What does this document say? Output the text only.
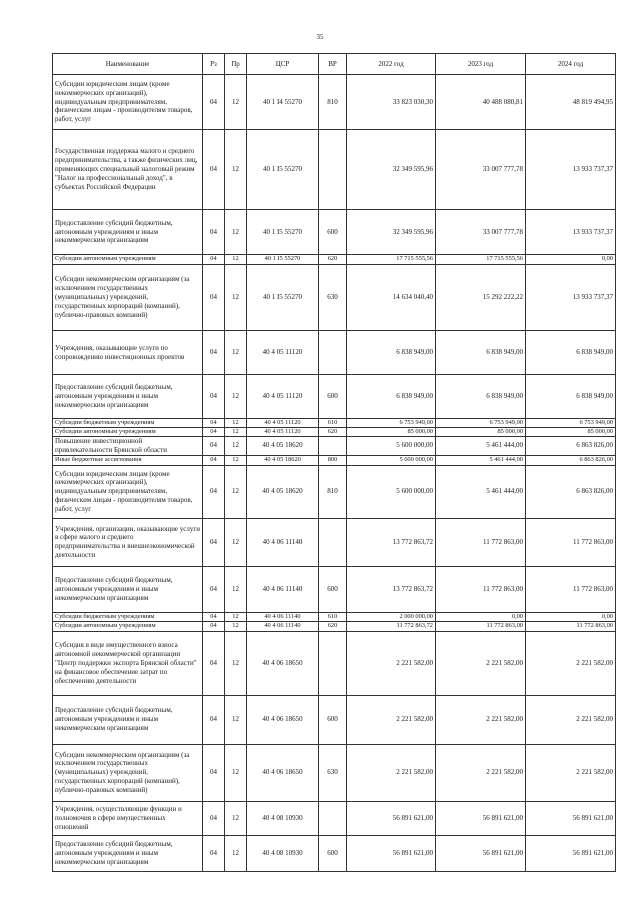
35
Наименование	Рз	Пр	ЦСР	ВР	2022 год	2023 год	2024 год
Субсидии юридическим лицам (кроме некоммерческих организаций), индивидуальным предпринимателям, физическим лицам - производителям товаров, работ, услуг	04	12	40 1 I4 55270	810	33 823 030,30	40 488 080,81	48 819 494,95
Государственная поддержка малого и среднего предпринимательства, а также физических лиц, применяющих специальный налоговый режим "Налог на профессиональный доход", в субъектах Российской Федерации	04	12	40 1 I5 55270		32 349 595,96	33 007 777,78	13 933 737,37
Предоставление субсидий бюджетным, автономным учреждениям и иным некоммерческим организациям	04	12	40 1 I5 55270	600	32 349 595,96	33 007 777,78	13 933 737,37
Субсидии автономным учреждениям	04	12	40 1 I5 55270	620	17 715 555,56	17 715 555,56	0,00
Субсидии некоммерческим организациям (за исключением государственных (муниципальных) учреждений, государственных корпораций (компаний), публично-правовых компаний)	04	12	40 1 I5 55270	630	14 634 040,40	15 292 222,22	13 933 737,37
Учреждения, оказывающие услуги по сопровождению инвестиционных проектов	04	12	40 4 05 11120		6 838 949,00	6 838 949,00	6 838 949,00
Предоставление субсидий бюджетным, автономным учреждениям и иным некоммерческим организациям	04	12	40 4 05 11120	600	6 838 949,00	6 838 949,00	6 838 949,00
Субсидии бюджетным учреждениям	04	12	40 4 05 11120	610	6 753 949,00	6 753 949,00	6 753 949,00
Субсидии автономным учреждениям	04	12	40 4 05 11120	620	85 000,00	85 000,00	85 000,00
Повышение инвестиционной привлекательности Брянской области	04	12	40 4 05 18620		5 600 000,00	5 461 444,00	6 863 826,00
Иные бюджетные ассигнования	04	12	40 4 05 18620	800	5 600 000,00	5 461 444,00	6 863 826,00
Субсидии юридическим лицам (кроме некоммерческих организаций), индивидуальным предпринимателям, физическим лицам - производителям товаров, работ, услуг	04	12	40 4 05 18620	810	5 600 000,00	5 461 444,00	6 863 826,00
Учреждения, организации, оказывающие услуги в сфере малого и среднего предпринимательства и внешнеэкономической деятельности	04	12	40 4 06 11140		13 772 863,72	11 772 863,00	11 772 863,00
Предоставление субсидий бюджетным, автономным учреждениям и иным некоммерческим организациям	04	12	40 4 06 11140	600	13 772 863,72	11 772 863,00	11 772 863,00
Субсидии бюджетным учреждениям	04	12	40 4 06 11140	610	2 000 000,00	0,00	0,00
Субсидии автономным учреждениям	04	12	40 4 06 11140	620	11 772 863,72	11 772 863,00	11 772 863,00
Субсидия в виде имущественного взноса автономной некоммерческой организации "Центр поддержки экспорта Брянской области" на финансовое обеспечение затрат по обеспечению деятельности	04	12	40 4 06 18650		2 221 582,00	2 221 582,00	2 221 582,00
Предоставление субсидий бюджетным, автономным учреждениям и иным некоммерческим организациям	04	12	40 4 06 18650	600	2 221 582,00	2 221 582,00	2 221 582,00
Субсидии некоммерческим организациям (за исключением государственных (муниципальных) учреждений, государственных корпораций (компаний), публично-правовых компаний)	04	12	40 4 06 18650	630	2 221 582,00	2 221 582,00	2 221 582,00
Учреждения, осуществляющие функции и полномочия в сфере имущественных отношений	04	12	40 4 08 10930		56 891 621,00	56 891 621,00	56 891 621,00
Предоставление субсидий бюджетным, автономным учреждениям и иным некоммерческим организациям	04	12	40 4 08 10930	600	56 891 621,00	56 891 621,00	56 891 621,00
